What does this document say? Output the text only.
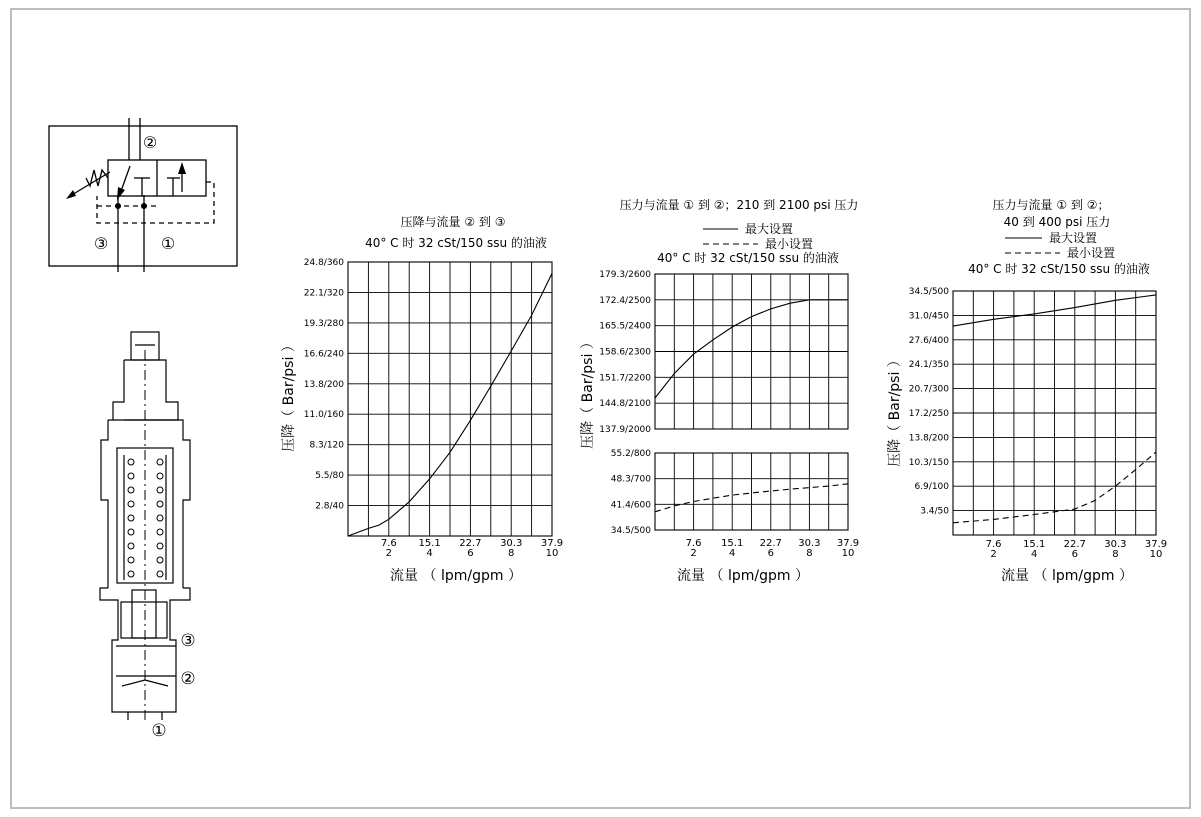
②
③	①
③
②
①
压降与流量 ② 到 ③
40° C 时 32 cSt/150 ssu 的油液
压降（ Bar/psi ）
流量 （ lpm/gpm ）
2.8/40
5.5/80
8.3/120
11.0/160
13.8/200
16.6/240
19.3/280
22.1/320
24.8/360
7.6
2
15.1
4
22.7
6
30.3
8
37.9
10
压力与流量 ① 到 ②；210 到 2100 psi 压力
最大设置
最小设置
40° C 时 32 cSt/150 ssu 的油液
压降（ Bar/psi ）
流量 （ lpm/gpm ）
137.9/2000
144.8/2100
151.7/2200
158.6/2300
165.5/2400
172.4/2500
179.3/2600
34.5/500
41.4/600
48.3/700
55.2/800
7.6
2
15.1
4
22.7
6
30.3
8
37.9
10
压力与流量 ① 到 ②；
40 到 400 psi 压力
最大设置
最小设置
40° C 时 32 cSt/150 ssu 的油液
压降（ Bar/psi ）
流量 （ lpm/gpm ）
3.4/50
6.9/100
10.3/150
13.8/200
17.2/250
20.7/300
24.1/350
27.6/400
31.0/450
34.5/500
7.6
2
15.1
4
22.7
6
30.3
8
37.9
10
